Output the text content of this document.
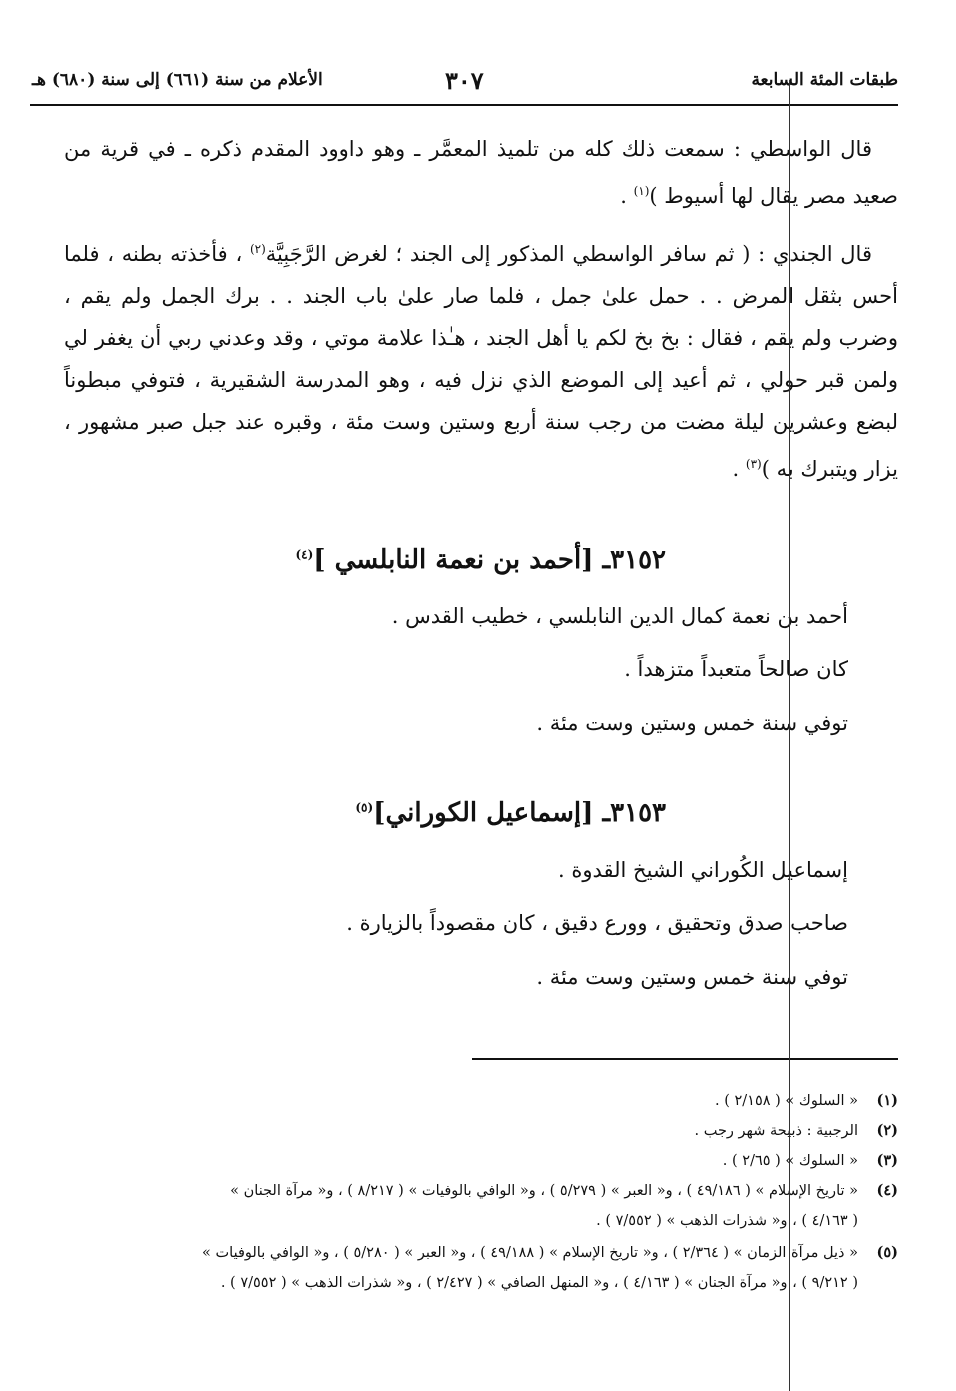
طبقات المئة السابعة
٣٠٧
الأعلام من سنة (٦٦١) إلى سنة (٦٨٠) هـ
قال الواسطي : سمعت ذلك كله من تلميذ المعمَّر ـ وهو داوود المقدم ذكره ـ في قرية من صعيد مصر يقال لها أسيوط )$^{(١)}$ .
قال الجندي : ( ثم سافر الواسطي المذكور إلى الجند ؛ لغرض الرَّجَبِيَّة$^{(٢)}$ ، فأخذته بطنه ، فلما أحس بثقل المرض . . حمل علىٰ جمل ، فلما صار علىٰ باب الجند . . برك الجمل ولم يقم ، وضرب ولم يقم ، فقال : بخ بخ لكم يا أهل الجند ، هـٰذا علامة موتي ، وقد وعدني ربي أن يغفر لي ولمن قبر حولي ، ثم أعيد إلى الموضع الذي نزل فيه ، وهو المدرسة الشقيرية ، فتوفي مبطوناً لبضع وعشرين ليلة مضت من رجب سنة أربع وستين وست مئة ، وقبره عند جبل صبر مشهور ، يزار ويتبرك به )$^{(٣)}$ .
٣١٥٢ـ [أحمد بن نعمة النابلسي ]$^{(٤)}$
أحمد بن نعمة كمال الدين النابلسي ، خطيب القدس .
كان صالحاً متعبداً متزهداً .
توفي سنة خمس وستين وست مئة .
٣١٥٣ـ [إسماعيل الكوراني]$^{(٥)}$
إسماعيل الكُوراني الشيخ القدوة .
صاحب صدق وتحقيق ، وورع دقيق ، كان مقصوداً بالزيارة .
توفي سنة خمس وستين وست مئة .
(١)« السلوك » ( ٢/١٥٨ ) .
(٢)الرجبية : ذبيحة شهر رجب .
(٣)« السلوك » ( ٢/٦٥ ) .
(٤)« تاريخ الإسلام » ( ٤٩/١٨٦ ) ، و« العبر » ( ٥/٢٧٩ ) ، و« الوافي بالوفيات » ( ٨/٢١٧ ) ، و« مرآة الجنان »
( ٤/١٦٣ ) ، و« شذرات الذهب » ( ٧/٥٥٢ ) .
(٥)« ذيل مرآة الزمان » ( ٢/٣٦٤ ) ، و« تاريخ الإسلام » ( ٤٩/١٨٨ ) ، و« العبر » ( ٥/٢٨٠ ) ، و« الوافي بالوفيات »
( ٩/٢١٢ ) ، و« مرآة الجنان » ( ٤/١٦٣ ) ، و« المنهل الصافي » ( ٢/٤٢٧ ) ، و« شذرات الذهب » ( ٧/٥٥٢ ) .
